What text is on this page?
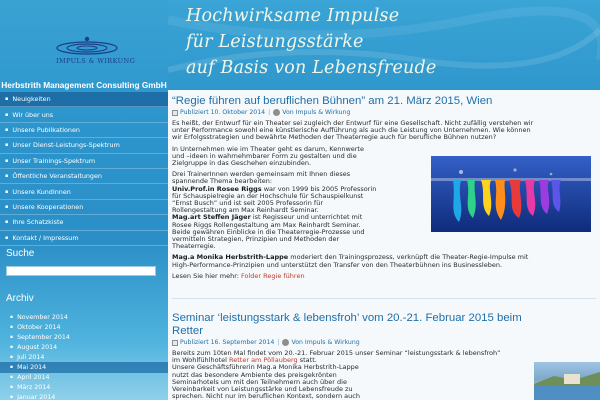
IMPULS & WIRKUNG
Herbstrith Management Consulting GmbH
▪ Neuigkeiten
▪ Wir über uns
▪ Unsere Publikationen
▪ Unser Dienst-Leistungs-Spektrum
▪ Unser Trainings-Spektrum
▪ Öffentliche Veranstaltungen
▪ Unsere KundInnen
▪ Unsere Kooperationen
▪ Ihre Schatzkiste
▪ Kontakt / Impressum
Suche
Archiv
▪ November 2014
▪ Oktober 2014
▪ September 2014
▪ August 2014
▪ Juli 2014
▪ Mai 2014
▪ April 2014
▪ März 2014
▪ Januar 2014
Hochwirksame Impulse
für Leistungsstärke
auf Basis von Lebensfreude
“Regie führen auf beruflichen Bühnen” am 21. März 2015, Wien
Publiziert 10. Oktober 2014 | Von Impuls & Wirkung
Es heißt, der Entwurf für ein Theater sei zugleich der Entwurf für eine Gesellschaft. Nicht zufällig verstehen wir
unter Performance sowohl eine künstlerische Aufführung als auch die Leistung von Unternehmen. Wie können
wir Erfolgsstrategien und bewährte Methoden der Theaterregie auch für berufliche Bühnen nutzen?
In Unternehmen wie im Theater geht es darum, Kennwerte
und –ideen in wahrnehmbarer Form zu gestalten und die
Zielgruppe in das Geschehen einzubinden.
Drei TrainerInnen werden gemeinsam mit Ihnen dieses
spannende Thema bearbeiten:
Univ.Prof.in Rosee Riggs war von 1999 bis 2005 Professorin
für Schauspielregie an der Hochschule für Schauspielkunst
“Ernst Busch” und ist seit 2005 Professorin für
Rollengestaltung am Max Reinhardt Seminar.
Mag.art Steffen Jäger ist Regisseur und unterrichtet mit
Rosee Riggs Rollengestaltung am Max Reinhardt Seminar.
Beide gewähren Einblicke in die Theaterregie-Prozesse und
vermitteln Strategien, Prinzipien und Methoden der
Theaterregie.
Mag.a Monika Herbstrith-Lappe moderiert den Trainingsprozess, verknüpft die Theater-Regie-Impulse mit
High-Performance-Prinzipien und unterstützt den Transfer von den Theaterbühnen ins Businessleben.
Lesen Sie hier mehr: Folder Regie führen
Seminar ‘leistungsstark & lebensfroh’ vom 20.-21. Februar 2015 beim
Retter
Publiziert 16. September 2014 | Von Impuls & Wirkung
Bereits zum 10ten Mal findet vom 20.-21. Februar 2015 unser Seminar “leistungsstark & lebensfroh”
im Wohlfühlhotel Retter am Pöllauberg statt.
Unsere Geschäftsführerin Mag.a Monika Herbstrith-Lappe
nutzt das besondere Ambiente des preisgekrönten
Seminarhotels um mit den Teilnehmern auch über die
Vereinbarkeit von Leistungsstärke und Lebensfreude zu
sprechen. Nicht nur im beruflichen Kontext, sondern auch
